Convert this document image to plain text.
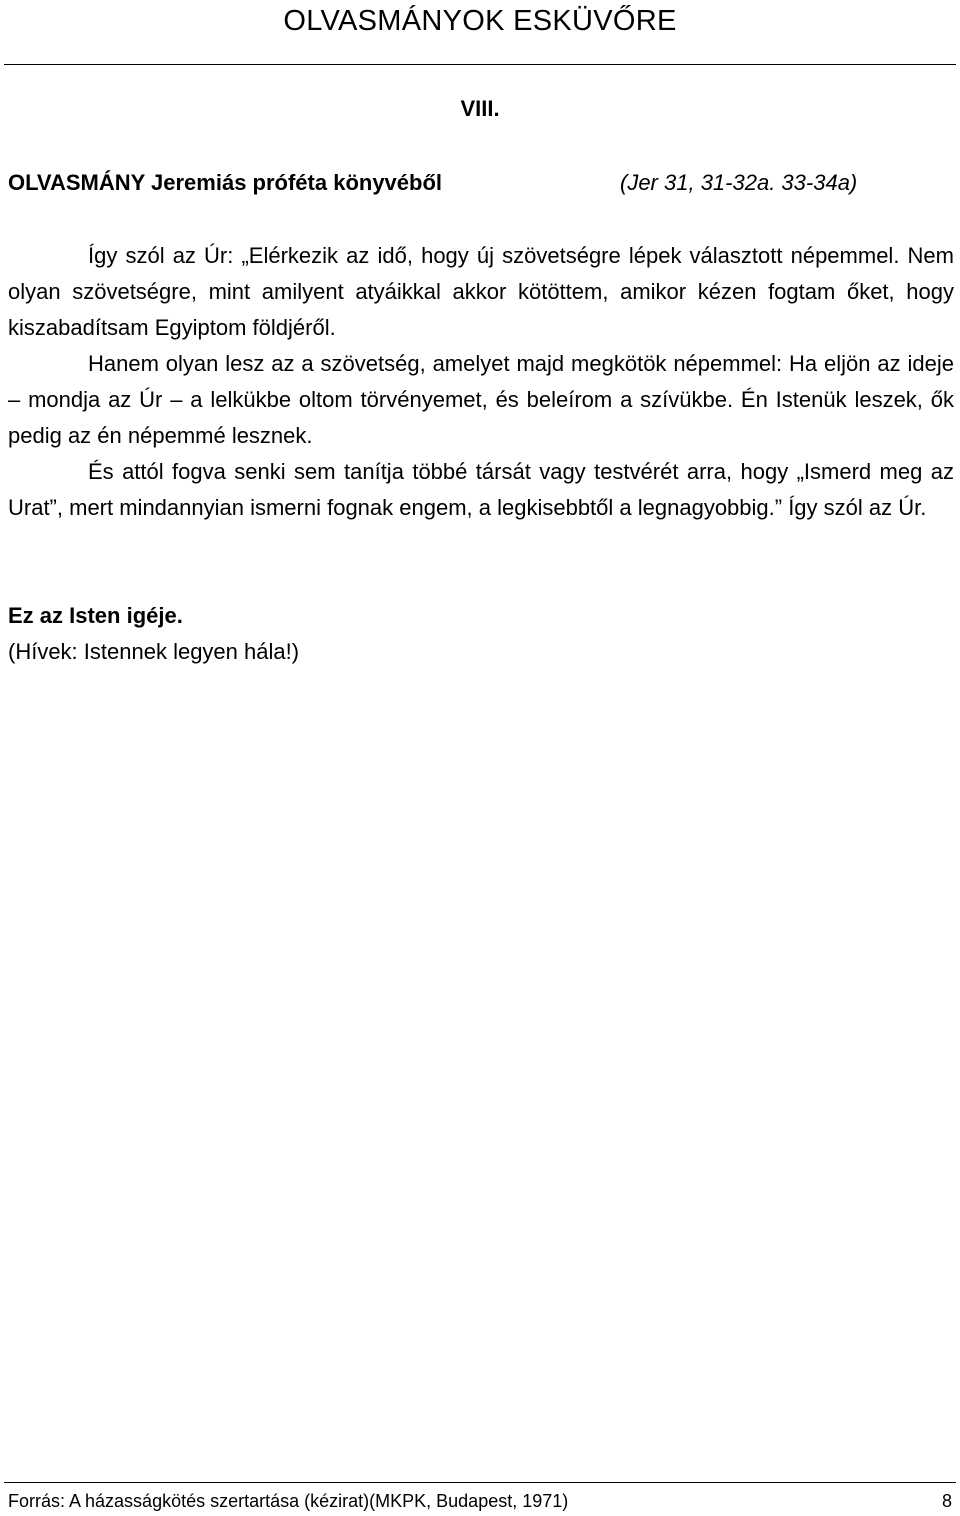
OLVASMÁNYOK ESKÜVŐRE
VIII.
OLVASMÁNY Jeremiás próféta könyvéből	(Jer 31, 31-32a. 33-34a)

Így szól az Úr: „Elérkezik az idő, hogy új szövetségre lépek választott népemmel. Nem olyan szövetségre, mint amilyent atyáikkal akkor kötöttem, amikor kézen fogtam őket, hogy kiszabadítsam Egyiptom földjéről.

Hanem olyan lesz az a szövetség, amelyet majd megkötök népemmel: Ha eljön az ideje – mondja az Úr – a lelkükbe oltom törvényemet, és beleírom a szívükbe. Én Istenük leszek, ők pedig az én népemmé lesznek.

És attól fogva senki sem tanítja többé társát vagy testvérét arra, hogy „Ismerd meg az Urat”, mert mindannyian ismerni fognak engem, a legkisebbtől a legnagyobbig.” Így szól az Úr.

Ez az Isten igéje.
(Hívek: Istennek legyen hála!)
Forrás: A házasságkötés szertartása (kézirat)(MKPK, Budapest, 1971)	8
